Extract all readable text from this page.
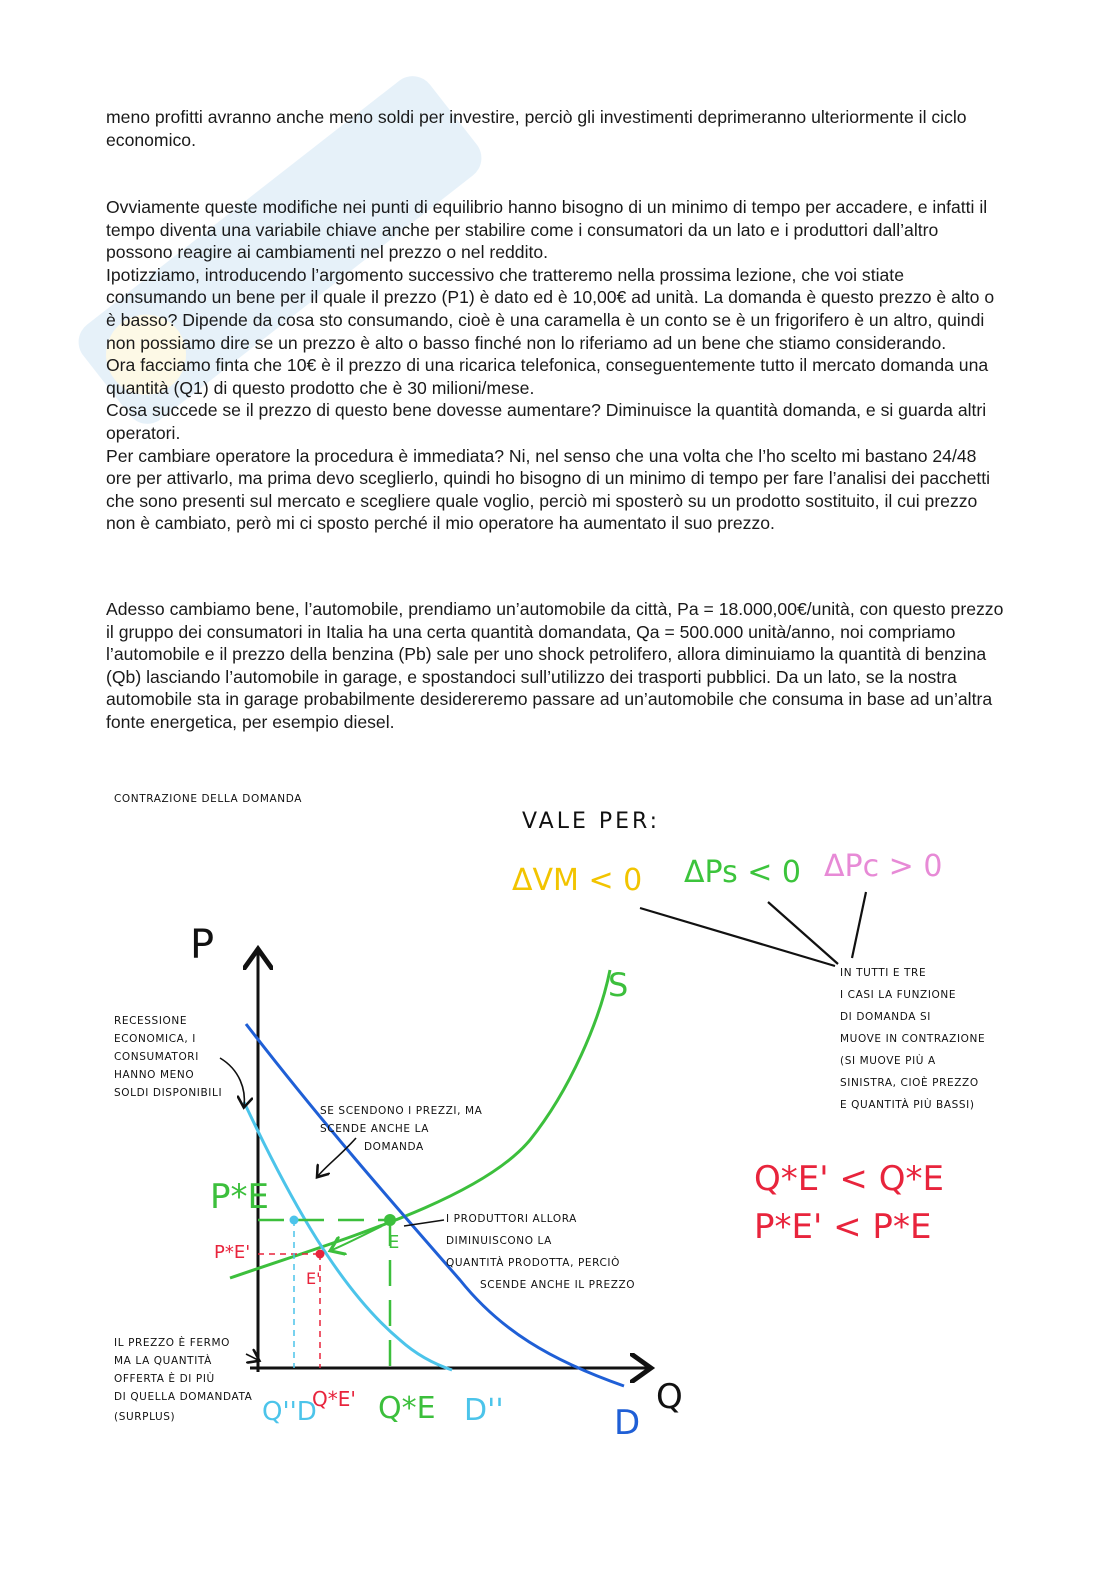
meno profitti avranno anche meno soldi per investire, perciò gli investimenti deprimeranno ulteriormente il ciclo economico.

Ovviamente queste modifiche nei punti di equilibrio hanno bisogno di un minimo di tempo per accadere, e infatti il tempo diventa una variabile chiave anche per stabilire come i consumatori da un lato e i produttori dall’altro possono reagire ai cambiamenti nel prezzo o nel reddito.

Ipotizziamo, introducendo l’argomento successivo che tratteremo nella prossima lezione, che voi stiate consumando un bene per il quale il prezzo (P1) è dato ed è 10,00€ ad unità. La domanda è questo prezzo è alto o è basso? Dipende da cosa sto consumando, cioè è una caramella è un conto se è un frigorifero è un altro, quindi non possiamo dire se un prezzo è alto o basso finché non lo riferiamo ad un bene che stiamo considerando.

Ora facciamo finta che 10€ è il prezzo di una ricarica telefonica, conseguentemente tutto il mercato domanda una quantità (Q1) di questo prodotto che è 30 milioni/mese.

Cosa succede se il prezzo di questo bene dovesse aumentare? Diminuisce la quantità domanda, e si guarda altri operatori.

Per cambiare operatore la procedura è immediata? Ni, nel senso che una volta che l’ho scelto mi bastano 24/48 ore per attivarlo, ma prima devo sceglierlo, quindi ho bisogno di un minimo di tempo per fare l’analisi dei pacchetti che sono presenti sul mercato e scegliere quale voglio, perciò mi sposterò su un prodotto sostituito, il cui prezzo non è cambiato, però mi ci sposto perché il mio operatore ha aumentato il suo prezzo.

Adesso cambiamo bene, l’automobile, prendiamo un’automobile da città, Pa = 18.000,00€/unità, con questo prezzo il gruppo dei consumatori in Italia ha una certa quantità domandata, Qa = 500.000 unità/anno, noi compriamo l’automobile e il prezzo della benzina (Pb) sale per uno shock petrolifero, allora diminuiamo la quantità di benzina (Qb) lasciando l’automobile in garage, e spostandoci sull’utilizzo dei trasporti pubblici. Da un lato, se la nostra automobile sta in garage probabilmente desidereremo passare ad un’automobile che consuma in base ad un’altra fonte energetica, per esempio diesel.

CONTRAZIONE DELLA DOMANDA
VALE PER:
ΔVM < 0 ΔPs < 0 ΔPc > 0
IN TUTTI E TRE
I CASI LA FUNZIONE
DI DOMANDA SI
MUOVE IN CONTRAZIONE
(SI MUOVE PIÙ A
SINISTRA, CIOÈ PREZZO
E QUANTITÀ PIÙ BASSI)
Q*E' < Q*E
P*E' < P*E
P
Q
S
D
D''
E
E'
P*E
P*E'
Q''D
Q*E' Q*E
RECESSIONE
ECONOMICA, I
CONSUMATORI
HANNO MENO
SOLDI DISPONIBILI
SE SCENDONO I PREZZI, MA
SCENDE ANCHE LA
DOMANDA
I PRODUTTORI ALLORA
DIMINUISCONO LA
QUANTITÀ PRODOTTA, PERCIÒ
SCENDE ANCHE IL PREZZO
IL PREZZO È FERMO
MA LA QUANTITÀ
OFFERTA È DI PIÙ
DI QUELLA DOMANDATA
(SURPLUS)
